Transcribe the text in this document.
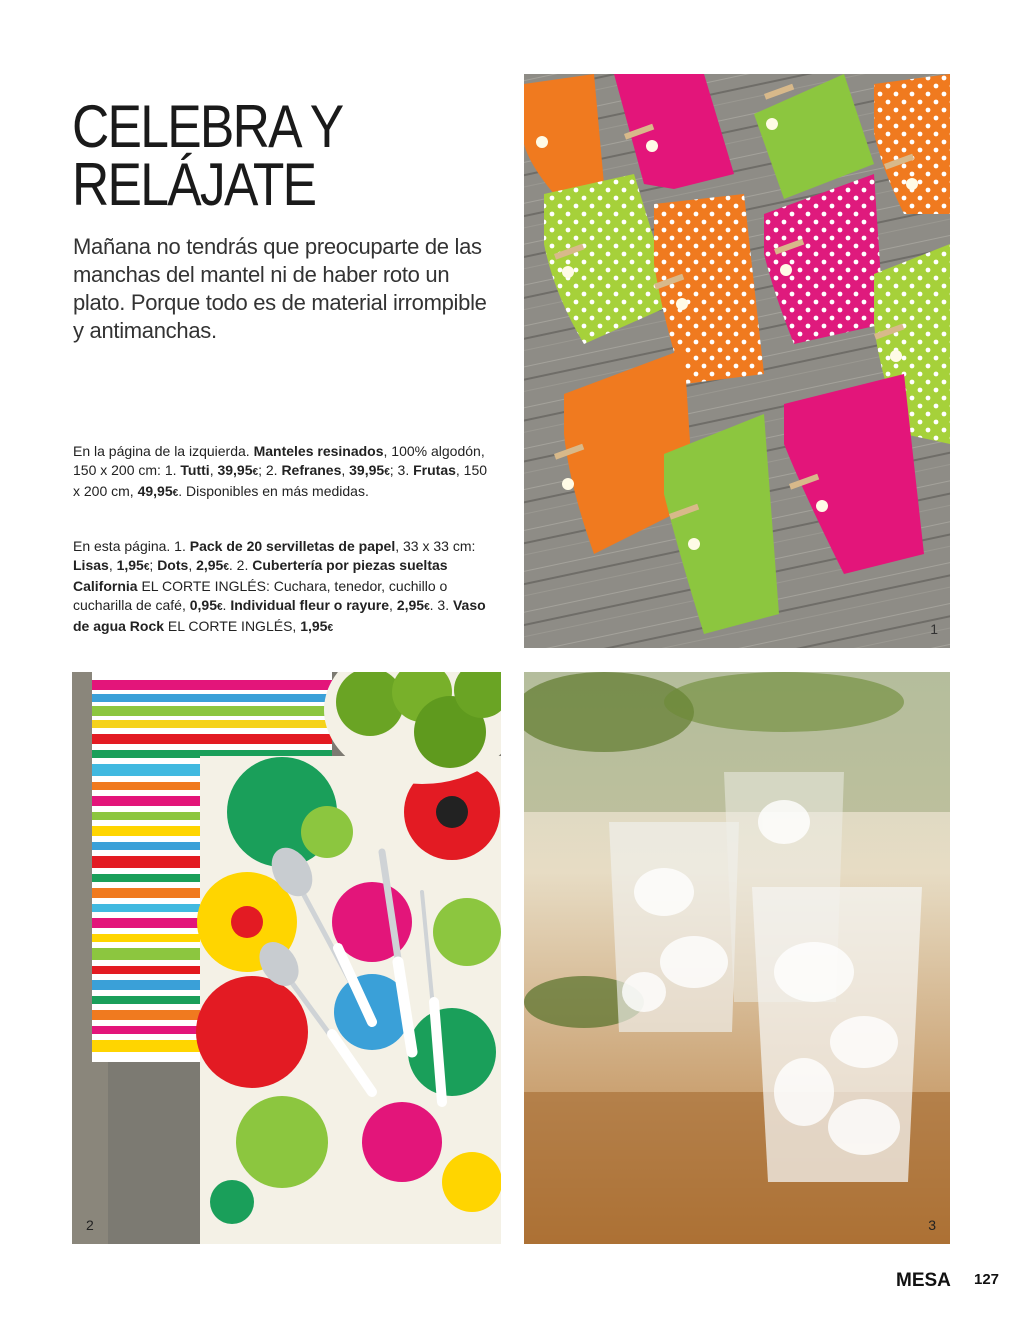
CELEBRA Y
RELÁJATE
Mañana no tendrás que preocuparte de las manchas del mantel ni de haber roto un plato. Porque todo es de material irrompible y antimanchas.
En la página de la izquierda. Manteles resinados, 100% algodón, 150 x 200 cm: 1. Tutti, 39,95€; 2. Refranes, 39,95€; 3. Frutas, 150 x 200 cm, 49,95€. Disponibles en más medidas.
En esta página. 1. Pack de 20 servilletas de papel, 33 x 33 cm: Lisas, 1,95€; Dots, 2,95€. 2. Cubertería por piezas sueltas California EL CORTE INGLÉS: Cuchara, tenedor, cuchillo o cucharilla de café, 0,95€. Individual fleur o rayure, 2,95€. 3. Vaso de agua Rock EL CORTE INGLÉS, 1,95€	1
2	3
MESA 127
